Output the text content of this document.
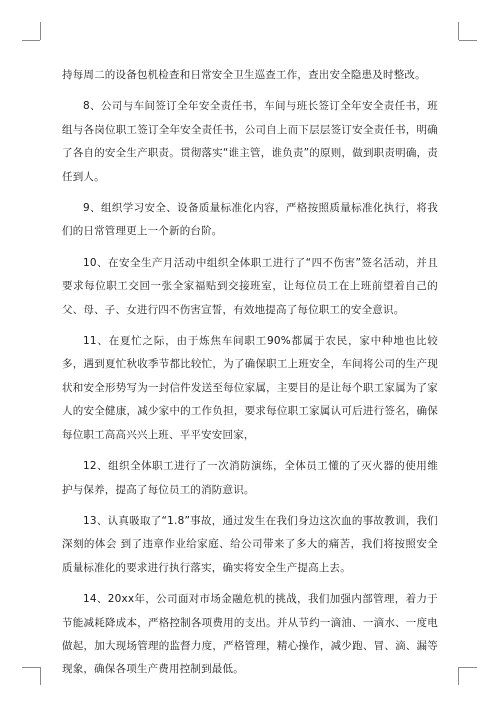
持每周二的设备包机检查和日常安全卫生巡查工作，查出安全隐患及时整改。

8、公司与车间签订全年安全责任书，车间与班长签订全年安全责任书，班组与各岗位职工签订全年安全责任书，公司自上而下层层签订安全责任书，明确了各自的安全生产职责。贯彻落实“谁主管，谁负责”的原则，做到职责明确，责任到人。

9、组织学习安全、设备质量标准化内容，严格按照质量标准化执行，将我们的日常管理更上一个新的台阶。

10、在安全生产月活动中组织全体职工进行了“四不伤害”签名活动，并且要求每位职工交回一张全家福贴到交接班室，让每位员工在上班前望着自己的父、母、子、女进行四不伤害宣誓，有效地提高了每位职工的安全意识。

11、在夏忙之际，由于炼焦车间职工90%都属于农民，家中种地也比较多，遇到夏忙秋收季节都比较忙，为了确保职工上班安全，车间将公司的生产现状和安全形势写为一封信件发送至每位家属，主要目的是让每个职工家属为了家人的安全健康，减少家中的工作负担，要求每位职工家属认可后进行签名，确保每位职工高高兴兴上班、平平安安回家，

12、组织全体职工进行了一次消防演练，全体员工懂的了灭火器的使用维护与保养，提高了每位员工的消防意识。

13、认真吸取了“1.8”事故，通过发生在我们身边这次血的事故教训，我们深刻的体会 到了违章作业给家庭、给公司带来了多大的痛苦，我们将按照安全质量标准化的要求进行执行落实，确实将安全生产提高上去。

14、20xx年，公司面对市场金融危机的挑战，我们加强内部管理，着力于节能减耗降成本，严格控制各项费用的支出。并从节约一滴油、一滴水、一度电做起，加大现场管理的监督力度，严格管理，精心操作，减少跑、冒、滴、漏等现象，确保各项生产费用控制到最低。
